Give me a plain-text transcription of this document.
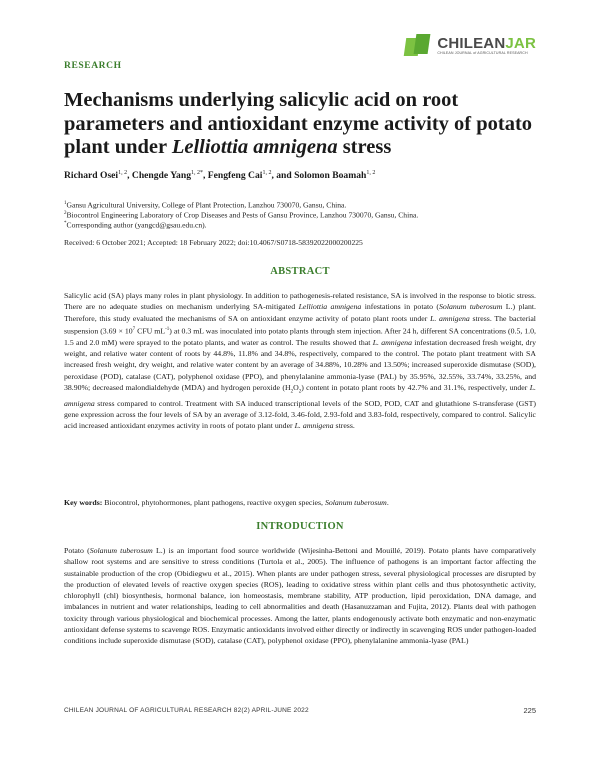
CHILEANJAR
CHILEAN JOURNAL of AGRICULTURAL RESEARCH
RESEARCH
Mechanisms underlying salicylic acid on root parameters and antioxidant enzyme activity of potato plant under Lelliottia amnigena stress
Richard Osei$^{1, 2}$, Chengde Yang$^{1, 2*}$, Fengfeng Cai$^{1, 2}$, and Solomon Boamah$^{1, 2}$
$^1$Gansu Agricultural University, College of Plant Protection, Lanzhou 730070, Gansu, China.
$^2$Biocontrol Engineering Laboratory of Crop Diseases and Pests of Gansu Province, Lanzhou 730070, Gansu, China.
*Corresponding author (yangcd@gsau.edu.cn).
Received: 6 October 2021; Accepted: 18 February 2022; doi:10.4067/S0718-58392022000200225
ABSTRACT

Salicylic acid (SA) plays many roles in plant physiology. In addition to pathogenesis-related resistance, SA is involved in the response to biotic stress. There are no adequate studies on mechanism underlying SA-mitigated Lelliottia amnigena infestations in potato (Solanum tuberosum L.) plant. Therefore, this study evaluated the mechanisms of SA on antioxidant enzyme activity of potato plant roots under L. amnigena stress. The bacterial suspension ($3.69 \times 10^7$ CFU $mL^{-1}$) at 0.3 mL was inoculated into potato plants through stem injection. After 24 h, different SA concentrations (0.5, 1.0, 1.5 and 2.0 mM) were sprayed to the potato plants, and water as control. The results showed that L. amnigena infestation decreased fresh weight, dry weight, and relative water content of roots by 44.8%, 11.8% and 34.8%, respectively, compared to the control. The potato plant treatment with SA increased fresh weight, dry weight, and relative water content by an average of 34.88%, 10.28% and 13.50%; increased superoxide dismutase (SOD), peroxidase (POD), catalase (CAT), polyphenol oxidase (PPO), and phenylalanine ammonia-lyase (PAL) by 35.95%, 32.55%, 33.74%, 33.25%, and 38.90%; decreased malondialdehyde (MDA) and hydrogen peroxide $(H_2O_2)$ content in potato plant roots by 42.7% and 31.1%, respectively, under L. amnigena stress compared to control. Treatment with SA induced transcriptional levels of the SOD, POD, CAT and glutathione S-transferase (GST) gene expression across the four levels of SA by an average of 3.12-fold, 3.46-fold, 2.93-fold and 3.83-fold, respectively, compared to control. Salicylic acid increased antioxidant enzymes activity in roots of potato plant under L. amnigena stress.

Key words: Biocontrol, phytohormones, plant pathogens, reactive oxygen species, Solanum tuberosum.
INTRODUCTION

Potato (Solanum tuberosum L.) is an important food source worldwide (Wijesinha-Bettoni and Mouillé, 2019). Potato plants have comparatively shallow root systems and are sensitive to stress conditions (Turtola et al., 2005). The influence of pathogens is an important factor affecting the sustainable production of the crop (Obidiegwu et al., 2015). When plants are under pathogen stress, several physiological processes are disrupted by the production of elevated levels of reactive oxygen species (ROS), leading to oxidative stress within plant cells and thus photosynthetic activity, chlorophyll (chl) biosynthesis, hormonal balance, ion homeostasis, membrane stability, ATP production, lipid peroxidation, DNA damage, and imbalances in nutrient and water relationships, leading to cell abnormalities and death (Hasanuzzaman and Fujita, 2012). Plants deal with pathogen toxicity through various physiological and biochemical processes. Among the latter, plants endogenously activate both enzymatic and non-enzymatic antioxidant defense systems to scavenge ROS. Enzymatic antioxidants involved either directly or indirectly in scavenging ROS under pathogen-loaded conditions include superoxide dismutase (SOD), catalase (CAT), polyphenol oxidase (PPO), phenylalanine ammonia-lyase (PAL)

CHILEAN JOURNAL OF AGRICULTURAL RESEARCH 82(2) APRIL-JUNE 2022	225
